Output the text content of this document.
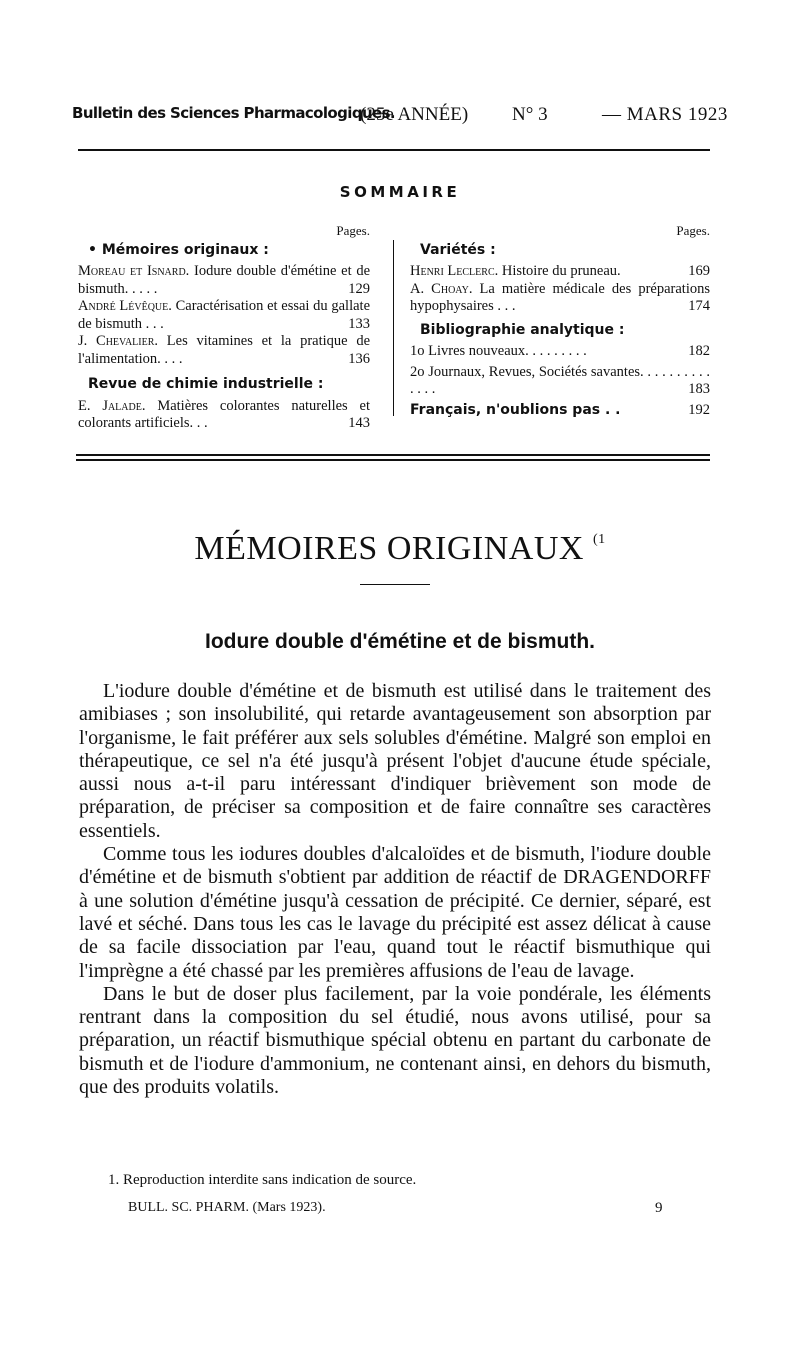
Bulletin des Sciences Pharmacologiques.
(25e ANNÉE) N° 3	— MARS 1923
SOMMAIRE
Pages.
• Mémoires originaux :
Moreau et Isnard. Iodure double d'émétine et de bismuth. . . . .	129
André Lévêque. Caractérisation et essai du gallate de bismuth . . .	133
J. Chevalier. Les vitamines et la pratique de l'alimentation. . . .	136
Revue de chimie industrielle :
E. Jalade. Matières colorantes naturelles et colorants artificiels. . .	143
Pages.
Variétés :
Henri Leclerc. Histoire du pruneau.	169
A. Choay. La matière médicale des préparations hypophysaires . . .	174
Bibliographie analytique :
1o Livres nouveaux. . . . . . . . .	182
2o Journaux, Revues, Sociétés savantes. . . . . . . . . . . . . .	183
Français, n'oublions pas . .	192
MÉMOIRES ORIGINAUX $^{(1}$
Iodure double d'émétine et de bismuth.

L'iodure double d'émétine et de bismuth est utilisé dans le traitement des amibiases ; son insolubilité, qui retarde avantageusement son absorption par l'organisme, le fait préférer aux sels solubles d'émétine. Malgré son emploi en thérapeutique, ce sel n'a été jusqu'à présent l'objet d'aucune étude spéciale, aussi nous a-t-il paru intéressant d'indiquer brièvement son mode de préparation, de préciser sa composition et de faire connaître ses caractères essentiels.

Comme tous les iodures doubles d'alcaloïdes et de bismuth, l'iodure double d'émétine et de bismuth s'obtient par addition de réactif de DRAGENDORFF à une solution d'émétine jusqu'à cessation de précipité. Ce dernier, séparé, est lavé et séché. Dans tous les cas le lavage du précipité est assez délicat à cause de sa facile dissociation par l'eau, quand tout le réactif bismuthique qui l'imprègne a été chassé par les premières affusions de l'eau de lavage.

Dans le but de doser plus facilement, par la voie pondérale, les éléments rentrant dans la composition du sel étudié, nous avons utilisé, pour sa préparation, un réactif bismuthique spécial obtenu en partant du carbonate de bismuth et de l'iodure d'ammonium, ne contenant ainsi, en dehors du bismuth, que des produits volatils.

1. Reproduction interdite sans indication de source.
BULL. SC. PHARM. (Mars 1923).	9
